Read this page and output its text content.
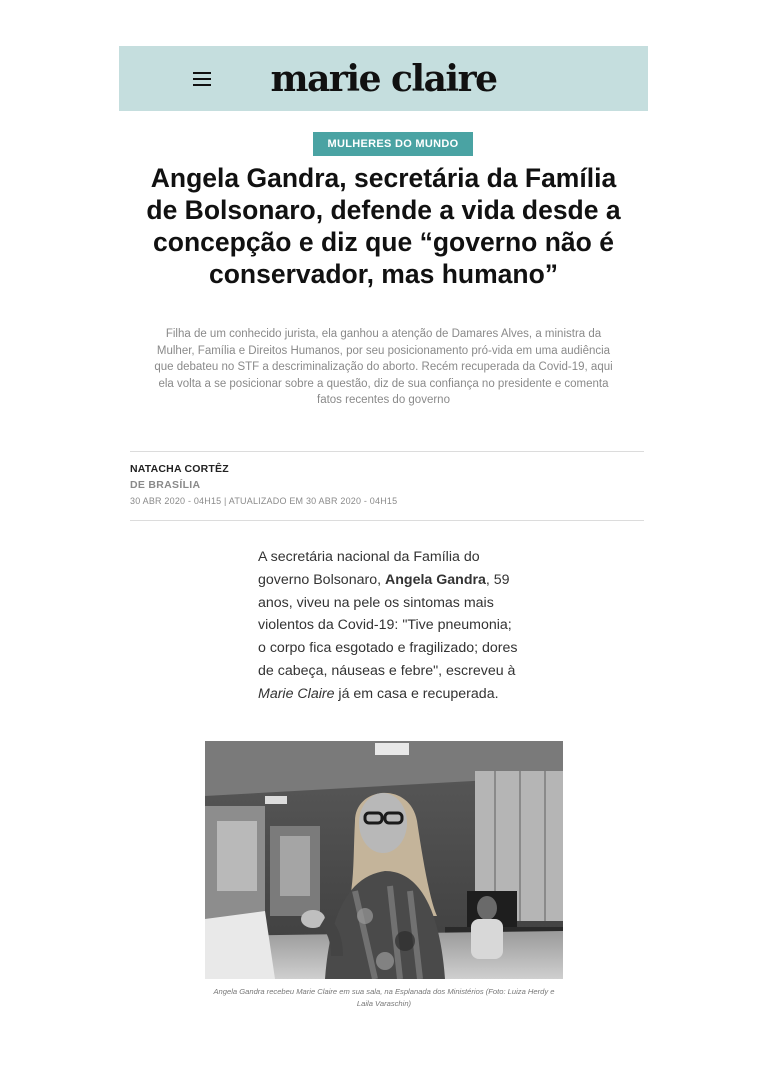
marie claire
MULHERES DO MUNDO
Angela Gandra, secretária da Família de Bolsonaro, defende a vida desde a concepção e diz que “governo não é conservador, mas humano”

Filha de um conhecido jurista, ela ganhou a atenção de Damares Alves, a ministra da Mulher, Família e Direitos Humanos, por seu posicionamento pró-vida em uma audiência que debateu no STF a descriminalização do aborto. Recém recuperada da Covid-19, aqui ela volta a se posicionar sobre a questão, diz de sua confiança no presidente e comenta fatos recentes do governo

NATACHA CORTÊZ
DE BRASÍLIA
30 ABR 2020 - 04H15 | ATUALIZADO EM 30 ABR 2020 - 04H15

A secretária nacional da Família do governo Bolsonaro, Angela Gandra, 59 anos, viveu na pele os sintomas mais violentos da Covid-19: "Tive pneumonia; o corpo fica esgotado e fragilizado; dores de cabeça, náuseas e febre", escreveu à Marie Claire já em casa e recuperada.

Angela Gandra recebeu Marie Claire em sua sala, na Esplanada dos Ministérios (Foto: Luiza Herdy e Laila Varaschin)
